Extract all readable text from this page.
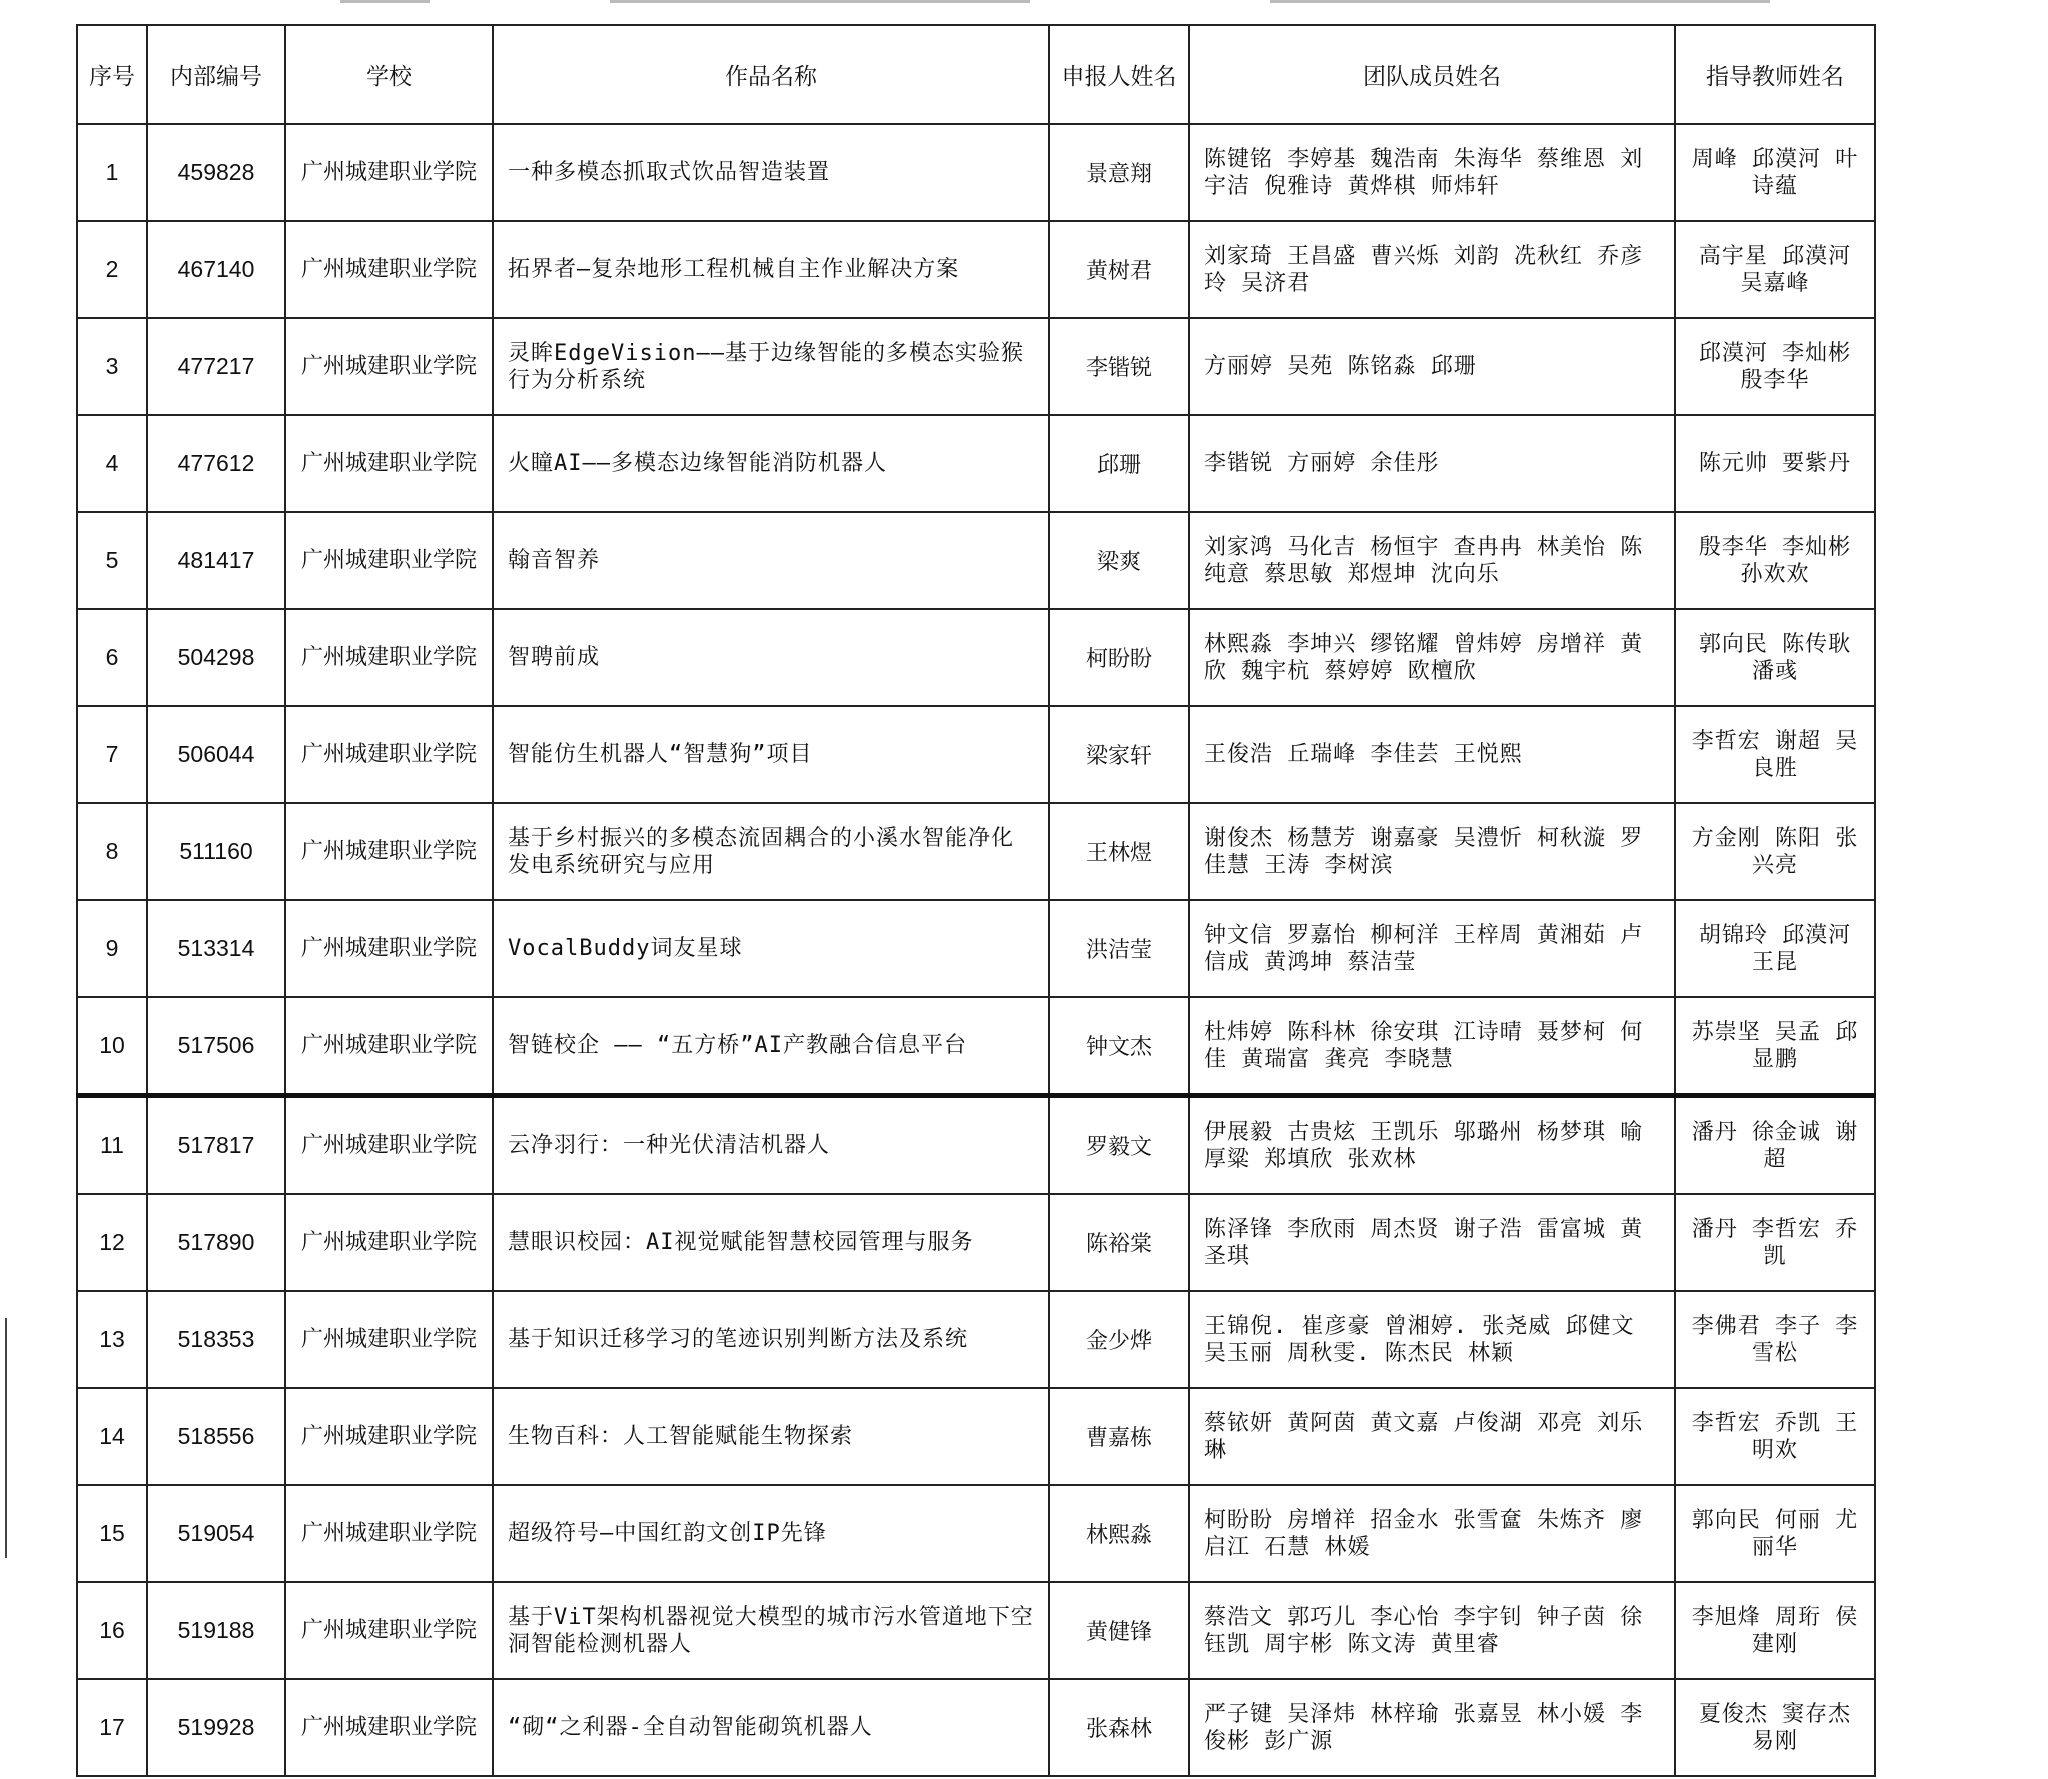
序号	内部编号	学校	作品名称	申报人姓名	团队成员姓名	指导教师姓名
1	459828	广州城建职业学院	一种多模态抓取式饮品智造装置	景意翔	陈键铭 李婷基 魏浩南 朱海华 蔡维恩 刘宇洁 倪雅诗 黄烨棋 师炜轩	周峰 邱漠河 叶诗蕴
2	467140	广州城建职业学院	拓界者—复杂地形工程机械自主作业解决方案	黄树君	刘家琦 王昌盛 曹兴烁 刘韵 冼秋红 乔彦玲 吴济君	高宇星 邱漠河 吴嘉峰
3	477217	广州城建职业学院	灵眸EdgeVision——基于边缘智能的多模态实验猴行为分析系统	李锴锐	方丽婷 吴苑 陈铭淼 邱珊	邱漠河 李灿彬 殷李华
4	477612	广州城建职业学院	火瞳AI——多模态边缘智能消防机器人	邱珊	李锴锐 方丽婷 余佳彤	陈元帅 要紫丹
5	481417	广州城建职业学院	翰音智养	梁爽	刘家鸿 马化吉 杨恒宇 查冉冉 林美怡 陈纯意 蔡思敏 郑煜坤 沈向乐	殷李华 李灿彬 孙欢欢
6	504298	广州城建职业学院	智聘前成	柯盼盼	林熙淼 李坤兴 缪铭耀 曾炜婷 房增祥 黄欣 魏宇杭 蔡婷婷 欧檀欣	郭向民 陈传耿 潘彧
7	506044	广州城建职业学院	智能仿生机器人“智慧狗”项目	梁家轩	王俊浩 丘瑞峰 李佳芸 王悦熙	李哲宏 谢超 吴良胜
8	511160	广州城建职业学院	基于乡村振兴的多模态流固耦合的小溪水智能净化发电系统研究与应用	王林煜	谢俊杰 杨慧芳 谢嘉豪 吴澧忻 柯秋漩 罗佳慧 王涛 李树滨	方金刚 陈阳 张兴亮
9	513314	广州城建职业学院	VocalBuddy词友星球	洪洁莹	钟文信 罗嘉怡 柳柯洋 王梓周 黄湘茹 卢信成 黄鸿坤 蔡洁莹	胡锦玲 邱漠河 王昆
10	517506	广州城建职业学院	智链校企 —— “五方桥”AI产教融合信息平台	钟文杰	杜炜婷 陈科林 徐安琪 江诗晴 聂梦柯 何佳 黄瑞富 龚亮 李晓慧	苏崇坚 吴孟 邱显鹏
11	517817	广州城建职业学院	云净羽行：一种光伏清洁机器人	罗毅文	伊展毅 古贵炫 王凯乐 邬璐州 杨梦琪 喻厚粱 郑填欣 张欢林	潘丹 徐金诚 谢超
12	517890	广州城建职业学院	慧眼识校园：AI视觉赋能智慧校园管理与服务	陈裕棠	陈泽锋 李欣雨 周杰贤 谢子浩 雷富城 黄圣琪	潘丹 李哲宏 乔凯
13	518353	广州城建职业学院	基于知识迁移学习的笔迹识别判断方法及系统	金少烨	王锦倪. 崔彦豪 曾湘婷. 张尧威 邱健文 吴玉丽 周秋雯. 陈杰民 林颖	李佛君 李子 李雪松
14	518556	广州城建职业学院	生物百科：人工智能赋能生物探索	曹嘉栋	蔡铱妍 黄阿茵 黄文嘉 卢俊湖 邓亮 刘乐琳	李哲宏 乔凯 王明欢
15	519054	广州城建职业学院	超级符号—中国红韵文创IP先锋	林熙淼	柯盼盼 房增祥 招金水 张雪奩 朱炼齐 廖启江 石慧 林媛	郭向民 何丽 尤丽华
16	519188	广州城建职业学院	基于ViT架构机器视觉大模型的城市污水管道地下空洞智能检测机器人	黄健锋	蔡浩文 郭巧儿 李心怡 李宇钊 钟子茵 徐钰凯 周宇彬 陈文涛 黄里睿	李旭烽 周珩 侯建刚
17	519928	广州城建职业学院	“砌“之利器-全自动智能砌筑机器人	张森林	严子键 吴泽炜 林梓瑜 张嘉昱 林小媛 李俊彬 彭广源	夏俊杰 窦存杰 易刚
